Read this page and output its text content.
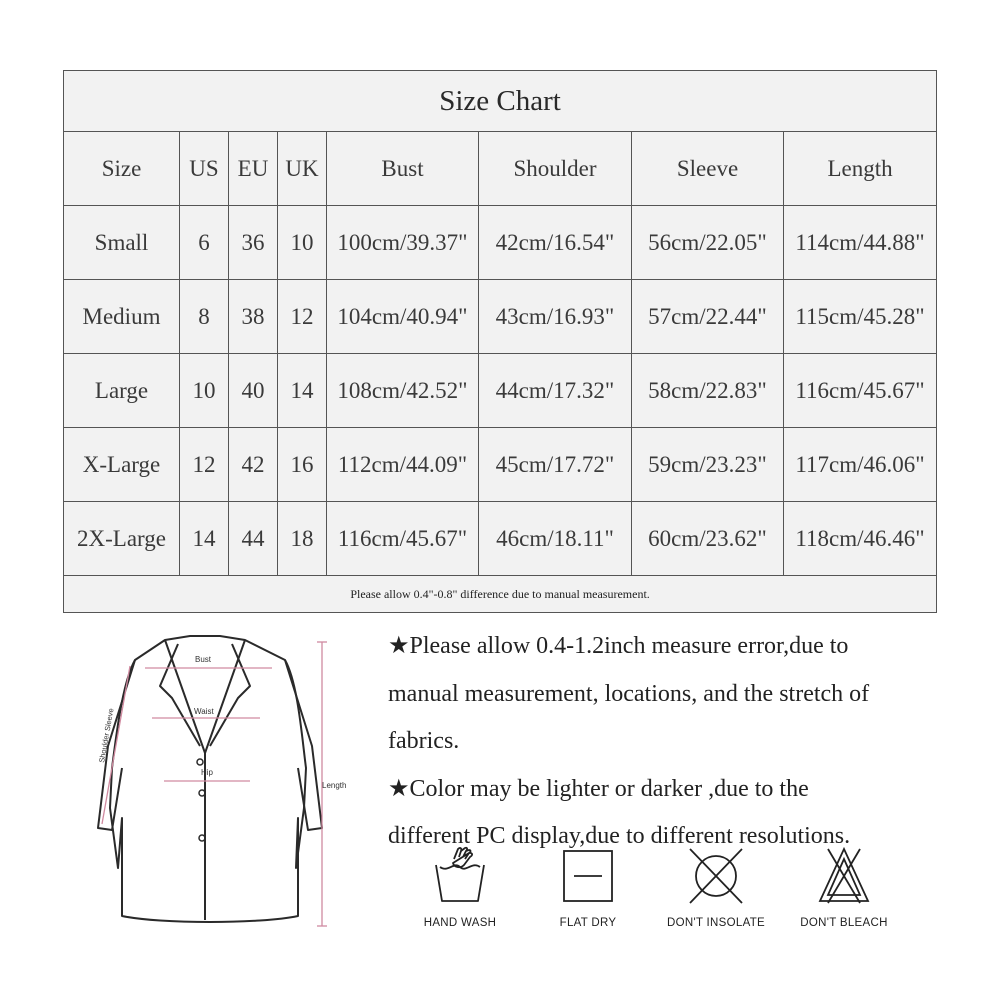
Size Chart							
Size	US	EU	UK	Bust	Shoulder	Sleeve	Length
Small	6	36	10	100cm/39.37"	42cm/16.54"	56cm/22.05"	114cm/44.88"
Medium	8	38	12	104cm/40.94"	43cm/16.93"	57cm/22.44"	115cm/45.28"
Large	10	40	14	108cm/42.52"	44cm/17.32"	58cm/22.83"	116cm/45.67"
X-Large	12	42	16	112cm/44.09"	45cm/17.72"	59cm/23.23"	117cm/46.06"
2X-Large	14	44	18	116cm/45.67"	46cm/18.11"	60cm/23.62"	118cm/46.46"
Please allow 0.4"-0.8" difference due to manual measurement.							
Bust
Waist
Hip
Length
Shoulder Sleeve

★Please allow 0.4-1.2inch measure error,due to

manual measurement, locations, and the stretch of

fabrics.

★Color may be lighter or darker ,due to the

different PC display,due to different resolutions.

HAND WASH	FLAT DRY	DON'T INSOLATE	DON'T BLEACH
